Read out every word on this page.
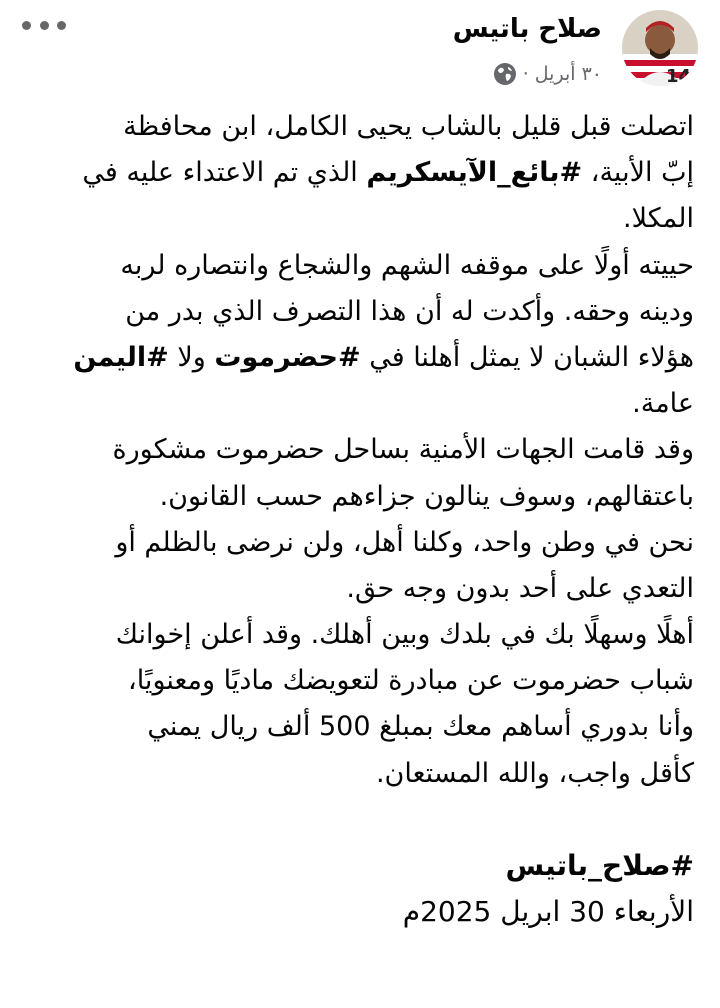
14
صلاح باتيس
٣٠ أبريل
·
اتصلت قبل قليل بالشاب يحيى الكامل، ابن محافظة
إبّ الأبية، #بائع_الآيسكريم الذي تم الاعتداء عليه في
المكلا.
حييته أولًا على موقفه الشهم والشجاع وانتصاره لربه
ودينه وحقه. وأكدت له أن هذا التصرف الذي بدر من
هؤلاء الشبان لا يمثل أهلنا في #حضرموت ولا #اليمن
عامة.
وقد قامت الجهات الأمنية بساحل حضرموت مشكورة
باعتقالهم، وسوف ينالون جزاءهم حسب القانون.
نحن في وطن واحد، وكلنا أهل، ولن نرضى بالظلم أو
التعدي على أحد بدون وجه حق.
أهلًا وسهلًا بك في بلدك وبين أهلك. وقد أعلن إخوانك
شباب حضرموت عن مبادرة لتعويضك ماديًا ومعنويًا،
وأنا بدوري أساهم معك بمبلغ 500 ألف ريال يمني
كأقل واجب، والله المستعان.
#صلاح_باتيس
الأربعاء 30 ابريل 2025م
